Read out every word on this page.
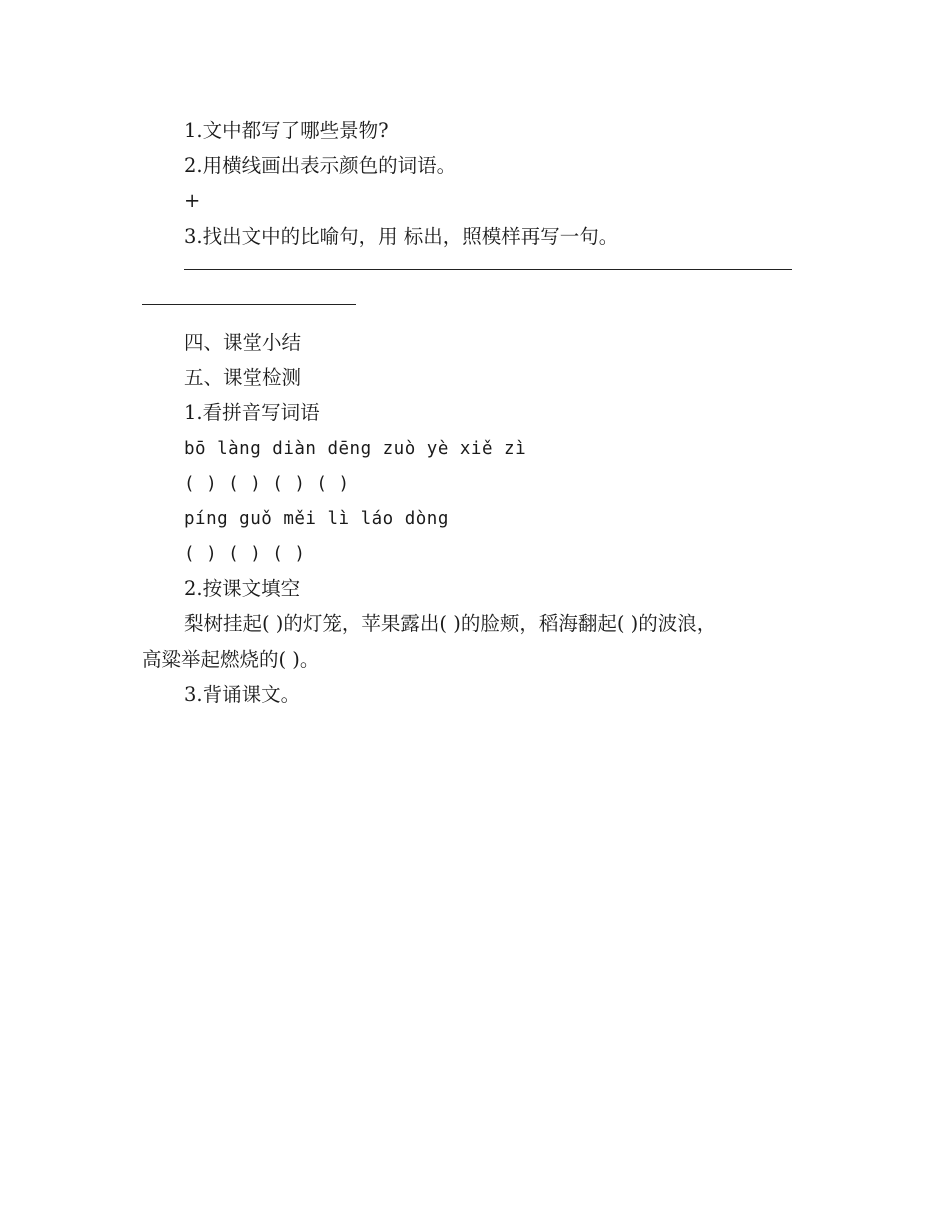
1.文中都写了哪些景物?
2.用横线画出表示颜色的词语。
+
3.找出文中的比喻句，用 标出，照模样再写一句。
四、课堂小结
五、课堂检测
1.看拼音写词语
bō làng diàn dēng zuò yè xiě zì
( ) ( ) ( ) ( )
píng guǒ měi lì láo dòng
( ) ( ) ( )
2.按课文填空
梨树挂起( )的灯笼，苹果露出( )的脸颊，稻海翻起( )的波浪，
高粱举起燃烧的( )。
3.背诵课文。
